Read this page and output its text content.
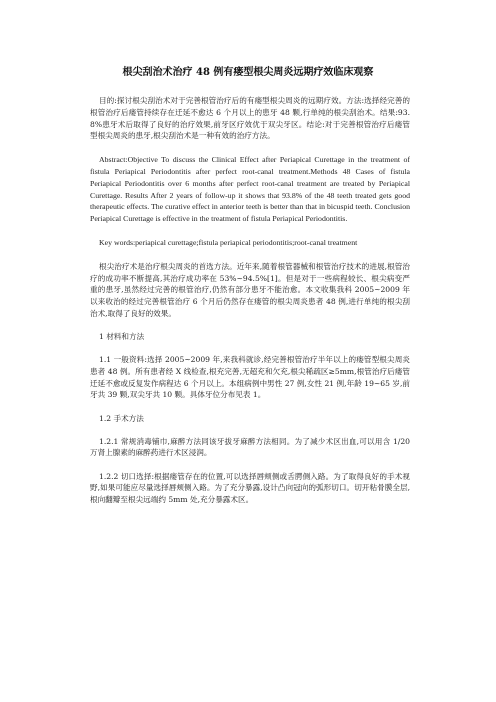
根尖刮治术治疗 48 例有瘘型根尖周炎远期疗效临床观察

目的:探讨根尖刮治术对于完善根管治疗后的有瘘型根尖周炎的远期疗效。方法:选择经完善的根管治疗后瘘管持续存在迁延不愈达 6 个月以上的患牙 48 颗,行单纯的根尖刮治术。结果:93.8%患牙术后取得了良好的治疗效果,前牙区疗效优于双尖牙区。结论:对于完善根管治疗后瘘管型根尖周炎的患牙,根尖刮治术是一种有效的治疗方法。

Abstract:Objective To discuss the Clinical Effect after Periapical Curettage in the treatment of fistula Periapical Periodontitis after perfect root-canal treatment.Methods 48 Cases of fistula Periapical Periodontitis over 6 months after perfect root-canal treatment are treated by Periapical Curettage. Results After 2 years of follow-up it shows that 93.8% of the 48 teeth treated gets good therapeutic effects. The curative effect in anterior teeth is better than that in bicuspid teeth. Conclusion Periapical Curettage is effective in the treatment of fistula Periapical Periodontitis.

Key words:periapical curettage;fistula periapical periodontitis;root-canal treatment

根尖治疗术是治疗根尖周炎的首选方法。近年来,随着根管器械和根管治疗技术的进展,根管治疗的成功率不断提高,其治疗成功率在 53%~94.5%[1]。但是对于一些病程较长、根尖病变严重的患牙,虽然经过完善的根管治疗,仍然有部分患牙不能治愈。本文收集我科 2005~2009 年以来收治的经过完善根管治疗 6 个月后仍然存在瘘管的根尖周炎患者 48 例,进行单纯的根尖刮治术,取得了良好的效果。

1 材料和方法

1.1 一般资料:选择 2005~2009 年,来我科就诊,经完善根管治疗半年以上的瘘管型根尖周炎患者 48 例。所有患者经 X 线检查,根充完善,无超充和欠充,根尖稀疏区≥5mm,根管治疗后瘘管迁延不愈或反复发作病程达 6 个月以上。本组病例中男性 27 例,女性 21 例,年龄 19~65 岁,前牙共 39 颗,双尖牙共 10 颗。具体牙位分布见表 1。

1.2 手术方法

1.2.1 常规消毒铺巾,麻醉方法同该牙拔牙麻醉方法相同。为了减少术区出血,可以用含 1/20 万肾上腺素的麻醉药进行术区浸润。

1.2.2 切口选择:根据瘘管存在的位置,可以选择唇颊侧或舌腭侧入路。为了取得良好的手术视野,如果可能应尽量选择唇颊侧入路。为了充分暴露,设计凸向冠向的弧形切口。切开粘骨膜全层,根向翻瓣至根尖远端约 5mm 处,充分暴露术区。
